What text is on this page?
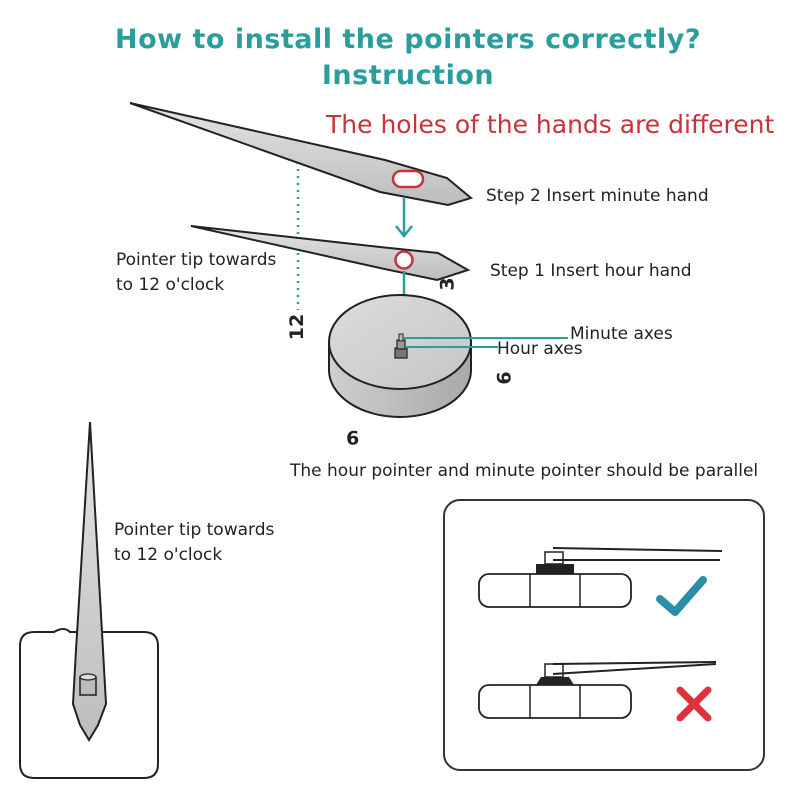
How to install the pointers correctly?
Instruction
The holes of the hands are different
Step 2 Insert minute hand
Step 1 Insert hour hand
Pointer tip towards
to 12 o'clock
Minute axes
Hour axes
12
3
6
9
The hour pointer and minute pointer should be parallel
Pointer tip towards
to 12 o'clock
